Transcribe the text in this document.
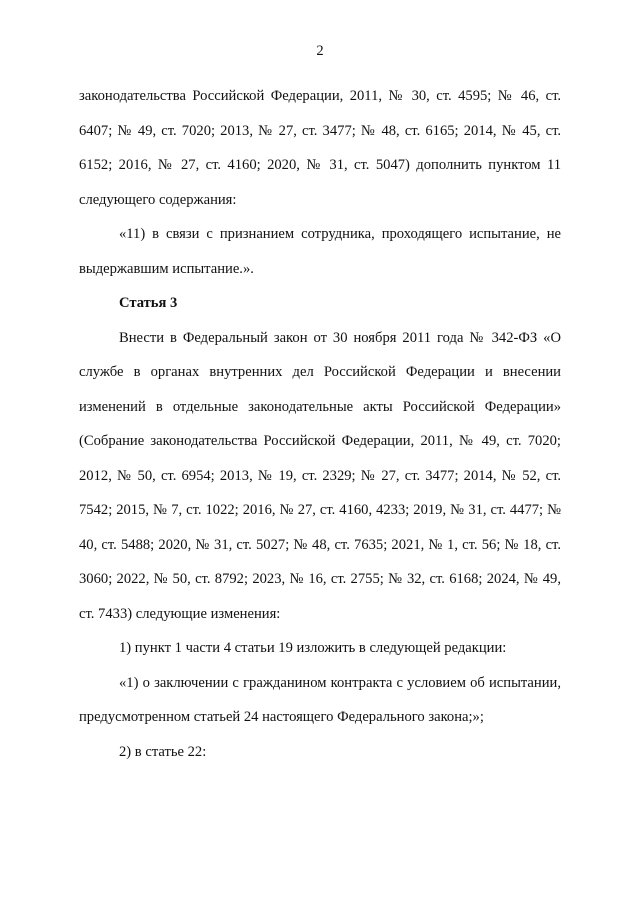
2

законодательства Российской Федерации, 2011, № 30, ст. 4595; № 46, ст. 6407; № 49, ст. 7020; 2013, № 27, ст. 3477; № 48, ст. 6165; 2014, № 45, ст. 6152; 2016, № 27, ст. 4160; 2020, № 31, ст. 5047) дополнить пунктом 11 следующего содержания:

«11) в связи с признанием сотрудника, проходящего испытание, не выдержавшим испытание.».

Статья 3

Внести в Федеральный закон от 30 ноября 2011 года № 342-ФЗ «О службе в органах внутренних дел Российской Федерации и внесении изменений в отдельные законодательные акты Российской Федерации» (Собрание законодательства Российской Федерации, 2011, № 49, ст. 7020; 2012, № 50, ст. 6954; 2013, № 19, ст. 2329; № 27, ст. 3477; 2014, № 52, ст. 7542; 2015, № 7, ст. 1022; 2016, № 27, ст. 4160, 4233; 2019, № 31, ст. 4477; № 40, ст. 5488; 2020, № 31, ст. 5027; № 48, ст. 7635; 2021, № 1, ст. 56; № 18, ст. 3060; 2022, № 50, ст. 8792; 2023, № 16, ст. 2755; № 32, ст. 6168; 2024, № 49, ст. 7433) следующие изменения:

1) пункт 1 части 4 статьи 19 изложить в следующей редакции:

«1) о заключении с гражданином контракта с условием об испытании, предусмотренном статьей 24 настоящего Федерального закона;»;

2) в статье 22:
